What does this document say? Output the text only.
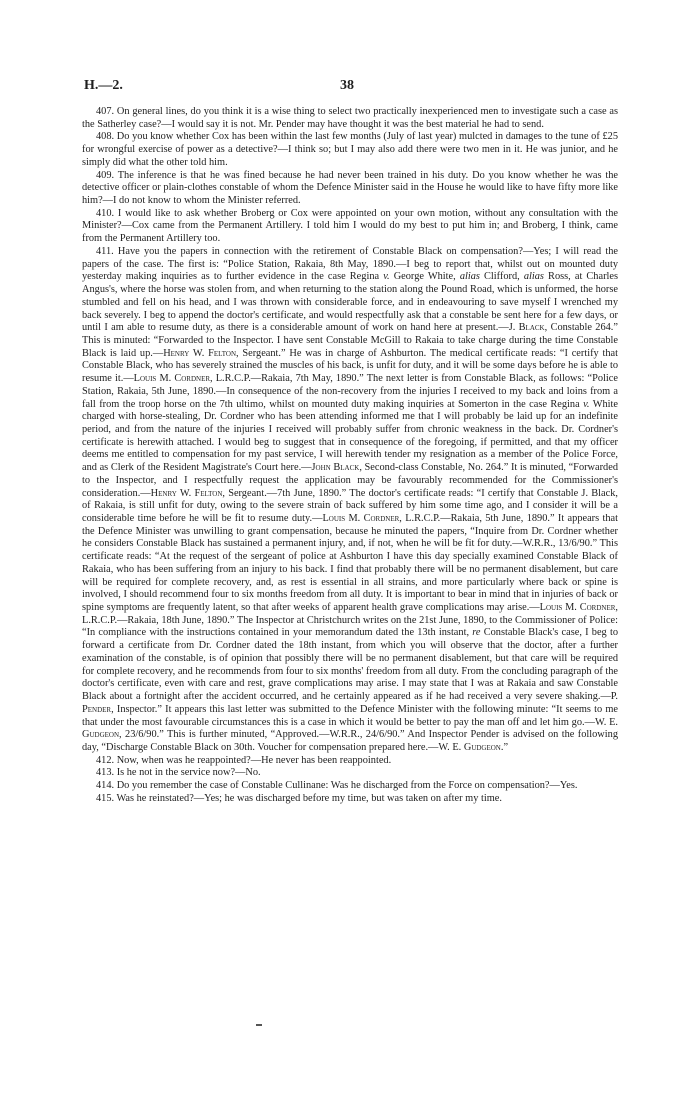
H.—2.	38

407. On general lines, do you think it is a wise thing to select two practically inexperienced men to investigate such a case as the Satherley case?—I would say it is not. Mr. Pender may have thought it was the best material he had to send.

408. Do you know whether Cox has been within the last few months (July of last year) mulcted in damages to the tune of £25 for wrongful exercise of power as a detective?—I think so; but I may also add there were two men in it. He was junior, and he simply did what the other told him.

409. The inference is that he was fined because he had never been trained in his duty. Do you know whether he was the detective officer or plain-clothes constable of whom the Defence Minister said in the House he would like to have fifty more like him?—I do not know to whom the Minister referred.

410. I would like to ask whether Broberg or Cox were appointed on your own motion, without any consultation with the Minister?—Cox came from the Permanent Artillery. I told him I would do my best to put him in; and Broberg, I think, came from the Permanent Artillery too.

411. Have you the papers in connection with the retirement of Constable Black on compensation?—Yes; I will read the papers of the case. The first is: “Police Station, Rakaia, 8th May, 1890.—I beg to report that, whilst out on mounted duty yesterday making inquiries as to further evidence in the case Regina v. George White, alias Clifford, alias Ross, at Charles Angus's, where the horse was stolen from, and when returning to the station along the Pound Road, which is unformed, the horse stumbled and fell on his head, and I was thrown with considerable force, and in endeavouring to save myself I wrenched my back severely. I beg to append the doctor's certificate, and would respectfully ask that a constable be sent here for a few days, or until I am able to resume duty, as there is a considerable amount of work on hand here at present.—J. Black, Constable 264.” This is minuted: “Forwarded to the Inspector. I have sent Constable McGill to Rakaia to take charge during the time Constable Black is laid up.—Henry W. Felton, Sergeant.” He was in charge of Ashburton. The medical certificate reads: “I certify that Constable Black, who has severely strained the muscles of his back, is unfit for duty, and it will be some days before he is able to resume it.—Louis M. Cordner, L.R.C.P.—Rakaia, 7th May, 1890.” The next letter is from Constable Black, as follows: “Police Station, Rakaia, 5th June, 1890.—In consequence of the non-recovery from the injuries I received to my back and loins from a fall from the troop horse on the 7th ultimo, whilst on mounted duty making inquiries at Somerton in the case Regina v. White charged with horse-stealing, Dr. Cordner who has been attending informed me that I will probably be laid up for an indefinite period, and from the nature of the injuries I received will probably suffer from chronic weakness in the back. Dr. Cordner's certificate is herewith attached. I would beg to suggest that in consequence of the foregoing, if permitted, and that my officer deems me entitled to compensation for my past service, I will herewith tender my resignation as a member of the Police Force, and as Clerk of the Resident Magistrate's Court here.—John Black, Second-class Constable, No. 264.” It is minuted, “Forwarded to the Inspector, and I respectfully request the application may be favourably recommended for the Commissioner's consideration.—Henry W. Felton, Sergeant.—7th June, 1890.” The doctor's certificate reads: “I certify that Constable J. Black, of Rakaia, is still unfit for duty, owing to the severe strain of back suffered by him some time ago, and I consider it will be a considerable time before he will be fit to resume duty.—Louis M. Cordner, L.R.C.P.—Rakaia, 5th June, 1890.” It appears that the Defence Minister was unwilling to grant compensation, because he minuted the papers, “Inquire from Dr. Cordner whether he considers Constable Black has sustained a permanent injury, and, if not, when he will be fit for duty.—W.R.R., 13/6/90.” This certificate reads: “At the request of the sergeant of police at Ashburton I have this day specially examined Constable Black of Rakaia, who has been suffering from an injury to his back. I find that probably there will be no permanent disablement, but care will be required for complete recovery, and, as rest is essential in all strains, and more particularly where back or spine is involved, I should recommend four to six months freedom from all duty. It is important to bear in mind that in injuries of back or spine symptoms are frequently latent, so that after weeks of apparent health grave complications may arise.—Louis M. Cordner, L.R.C.P.—Rakaia, 18th June, 1890.” The Inspector at Christchurch writes on the 21st June, 1890, to the Commissioner of Police: “In compliance with the instructions contained in your memorandum dated the 13th instant, re Constable Black's case, I beg to forward a certificate from Dr. Cordner dated the 18th instant, from which you will observe that the doctor, after a further examination of the constable, is of opinion that possibly there will be no permanent disablement, but that care will be required for complete recovery, and he recommends from four to six months' freedom from all duty. From the concluding paragraph of the doctor's certificate, even with care and rest, grave complications may arise. I may state that I was at Rakaia and saw Constable Black about a fortnight after the accident occurred, and he certainly appeared as if he had received a very severe shaking.—P. Pender, Inspector.” It appears this last letter was submitted to the Defence Minister with the following minute: “It seems to me that under the most favourable circumstances this is a case in which it would be better to pay the man off and let him go.—W. E. Gudgeon, 23/6/90.” This is further minuted, “Approved.—W.R.R., 24/6/90.” And Inspector Pender is advised on the following day, “Discharge Constable Black on 30th. Voucher for compensation prepared here.—W. E. Gudgeon.”

412. Now, when was he reappointed?—He never has been reappointed.

413. Is he not in the service now?—No.

414. Do you remember the case of Constable Cullinane: Was he discharged from the Force on compensation?—Yes.

415. Was he reinstated?—Yes; he was discharged before my time, but was taken on after my time.
